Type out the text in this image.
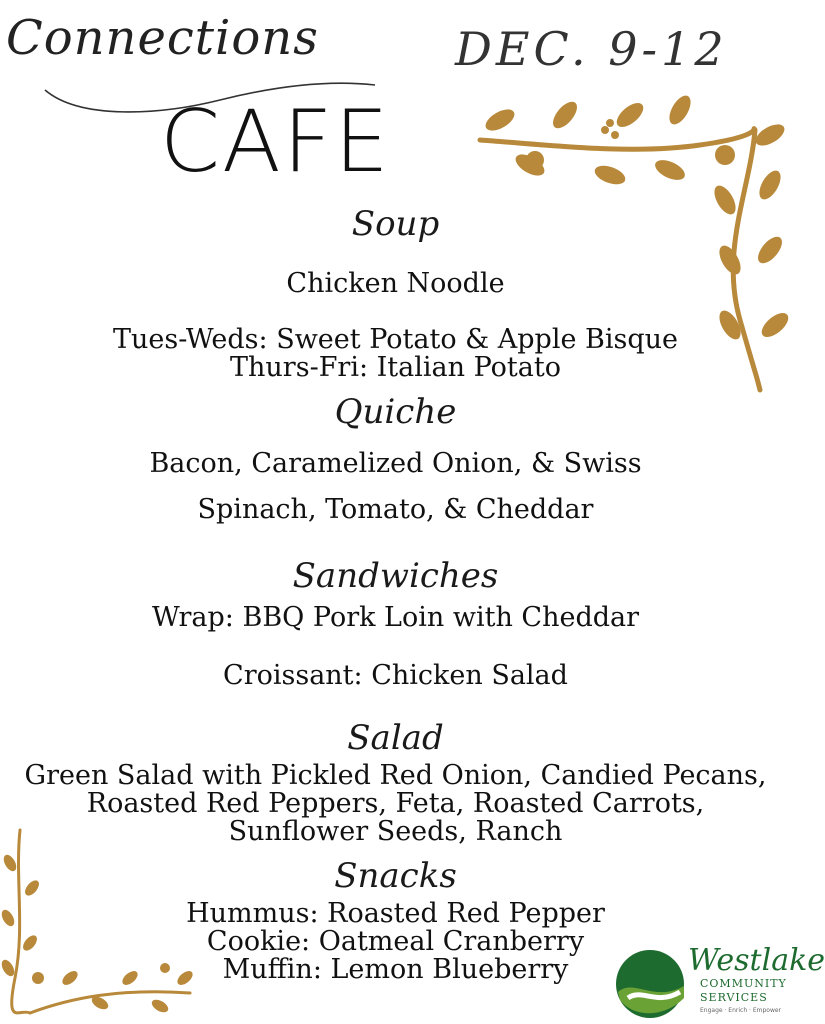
Connections	DEC. 9-12
CAFE
Soup
Chicken Noodle
Tues-Weds: Sweet Potato & Apple Bisque
Thurs-Fri: Italian Potato
Quiche
Bacon, Caramelized Onion, & Swiss
Spinach, Tomato, & Cheddar
Sandwiches
Wrap: BBQ Pork Loin with Cheddar
Croissant: Chicken Salad
Salad
Green Salad with Pickled Red Onion, Candied Pecans,
Roasted Red Peppers, Feta, Roasted Carrots,
Sunflower Seeds, Ranch
Snacks
Hummus: Roasted Red Pepper
Cookie: Oatmeal Cranberry
Muffin: Lemon Blueberry	Westlake
COMMUNITY
SERVICES
Engage · Enrich · Empower
